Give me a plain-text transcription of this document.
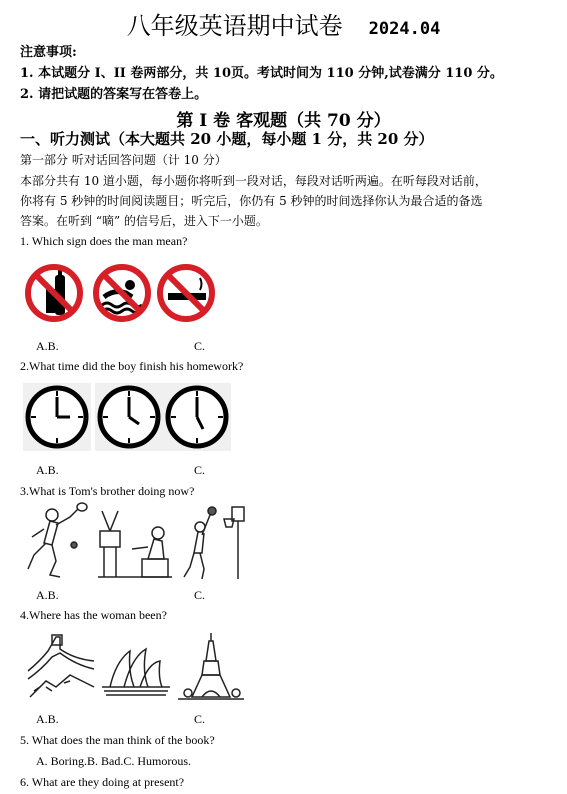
八年级英语期中试卷 2024.04
注意事项:
1. 本试题分 I、II 卷两部分，共 10页。考试时间为 110 分钟,试卷满分 110 分。
2. 请把试题的答案写在答卷上。
第 I 卷 客观题（共 70 分）
一、听力测试（本大题共 20 小题，每小题 1 分，共 20 分）
第一部分 听对话回答问题（计 10 分）
本部分共有 10 道小题，每小题你将听到一段对话，每段对话听两遍。在听每段对话前，
你将有 5 秒钟的时间阅读题目；听完后，你仍有 5 秒钟的时间选择你认为最合适的备选
答案。在听到 “嘀” 的信号后，进入下一小题。
1. Which sign does the man mean?
A.B.	C.
2.What time did the boy finish his homework?
A.B.	C.
3.What is Tom's brother doing now?
A.B.	C.
4.Where has the woman been?
A.B.	C.
5. What does the man think of the book?
A. Boring.B. Bad.C. Humorous.
6. What are they doing at present?
